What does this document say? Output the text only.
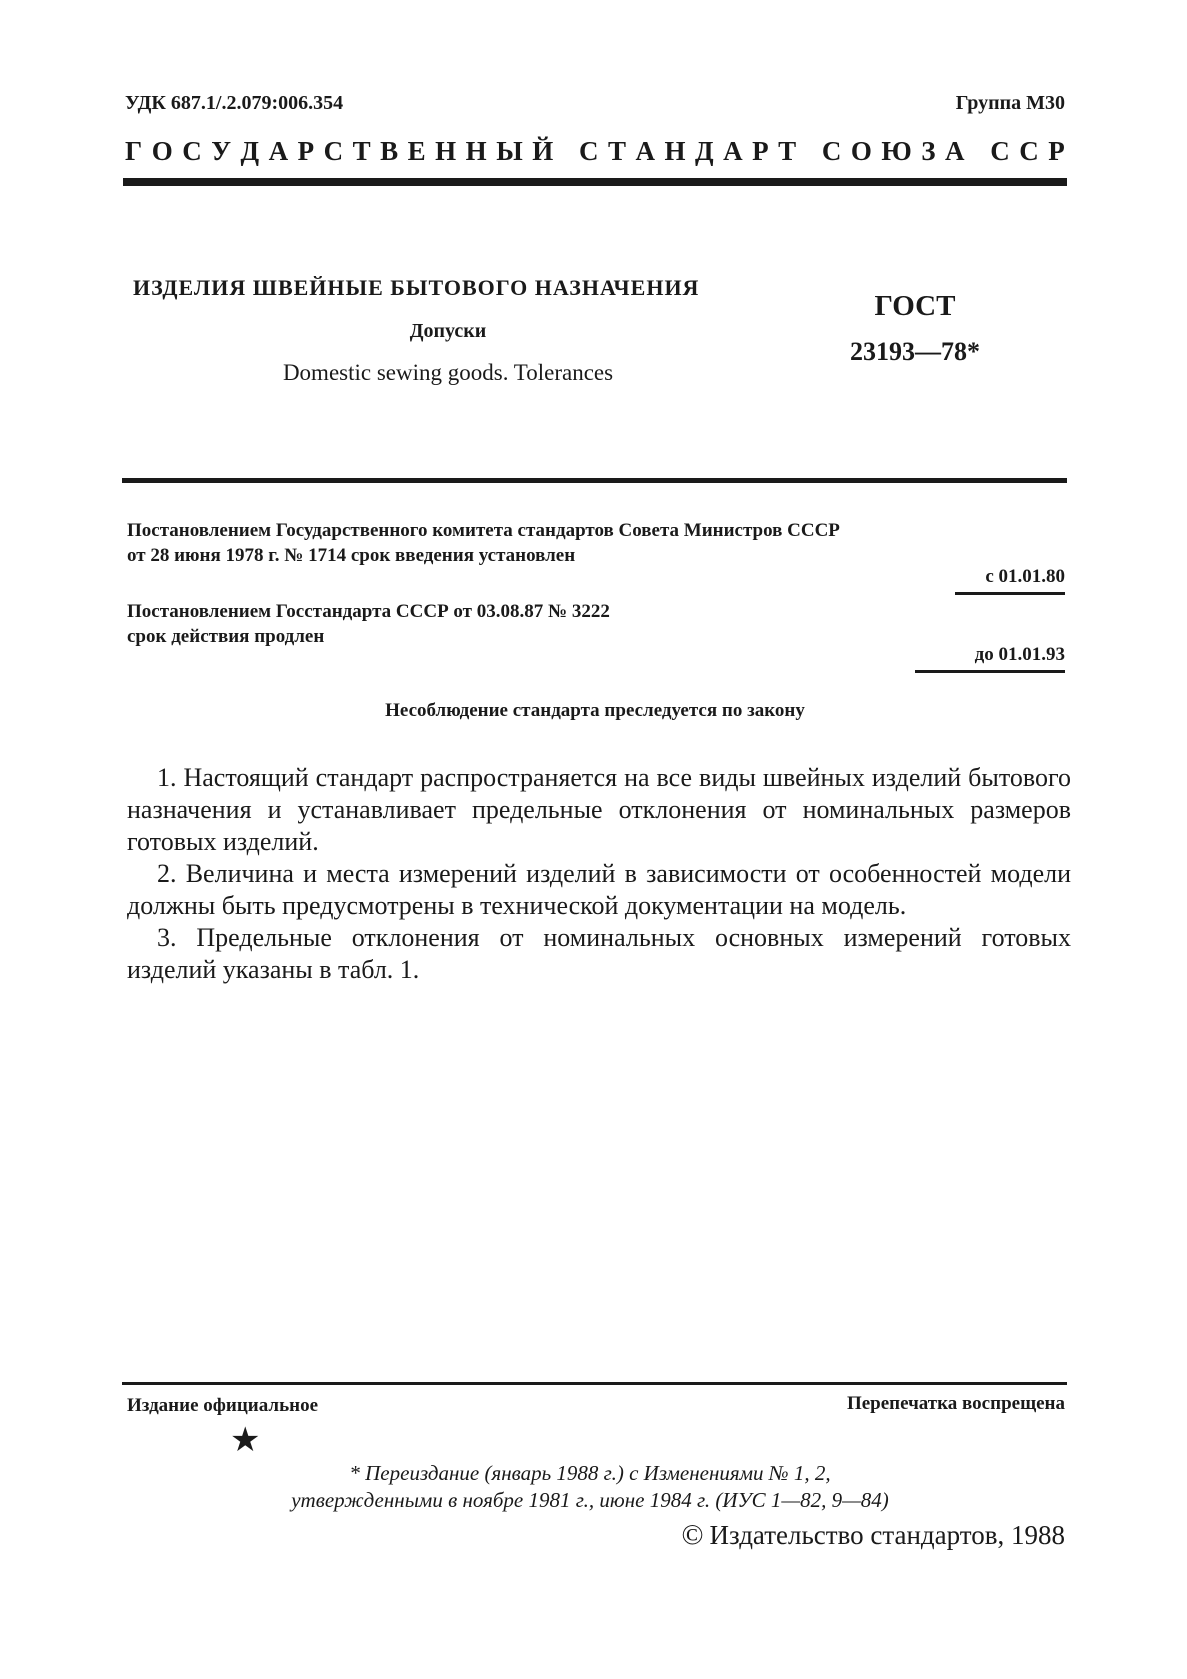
УДК 687.1/.2.079:006.354	Группа М30
Г О С У Д А Р С Т В Е Н Н Ы Й
С Т А Н Д А Р Т
С О Ю З А
С С Р
ИЗДЕЛИЯ ШВЕЙНЫЕ БЫТОВОГО НАЗНАЧЕНИЯ
Допуски
Domestic sewing goods. Tolerances
ГОСТ
23193—78*
Постановлением Государственного комитета стандартов Совета Министров СССР
от 28 июня 1978 г. № 1714 срок введения установлен
с 01.01.80
Постановлением Госстандарта СССР от 03.08.87 № 3222
срок действия продлен
до 01.01.93
Несоблюдение стандарта преследуется по закону

1. Настоящий стандарт распространяется на все виды швейных изделий бытового назначения и устанавливает предельные отклонения от номинальных размеров готовых изделий.

2. Величина и места измерений изделий в зависимости от особенностей модели должны быть предусмотрены в технической документации на модель.

3. Предельные отклонения от номинальных основных измерений готовых изделий указаны в табл. 1.

Издание официальное	Перепечатка воспрещена
★
* Переиздание (январь 1988 г.) с Изменениями № 1, 2,
утвержденными в ноябре 1981 г., июне 1984 г. (ИУС 1—82, 9—84)
© Издательство стандартов, 1988
